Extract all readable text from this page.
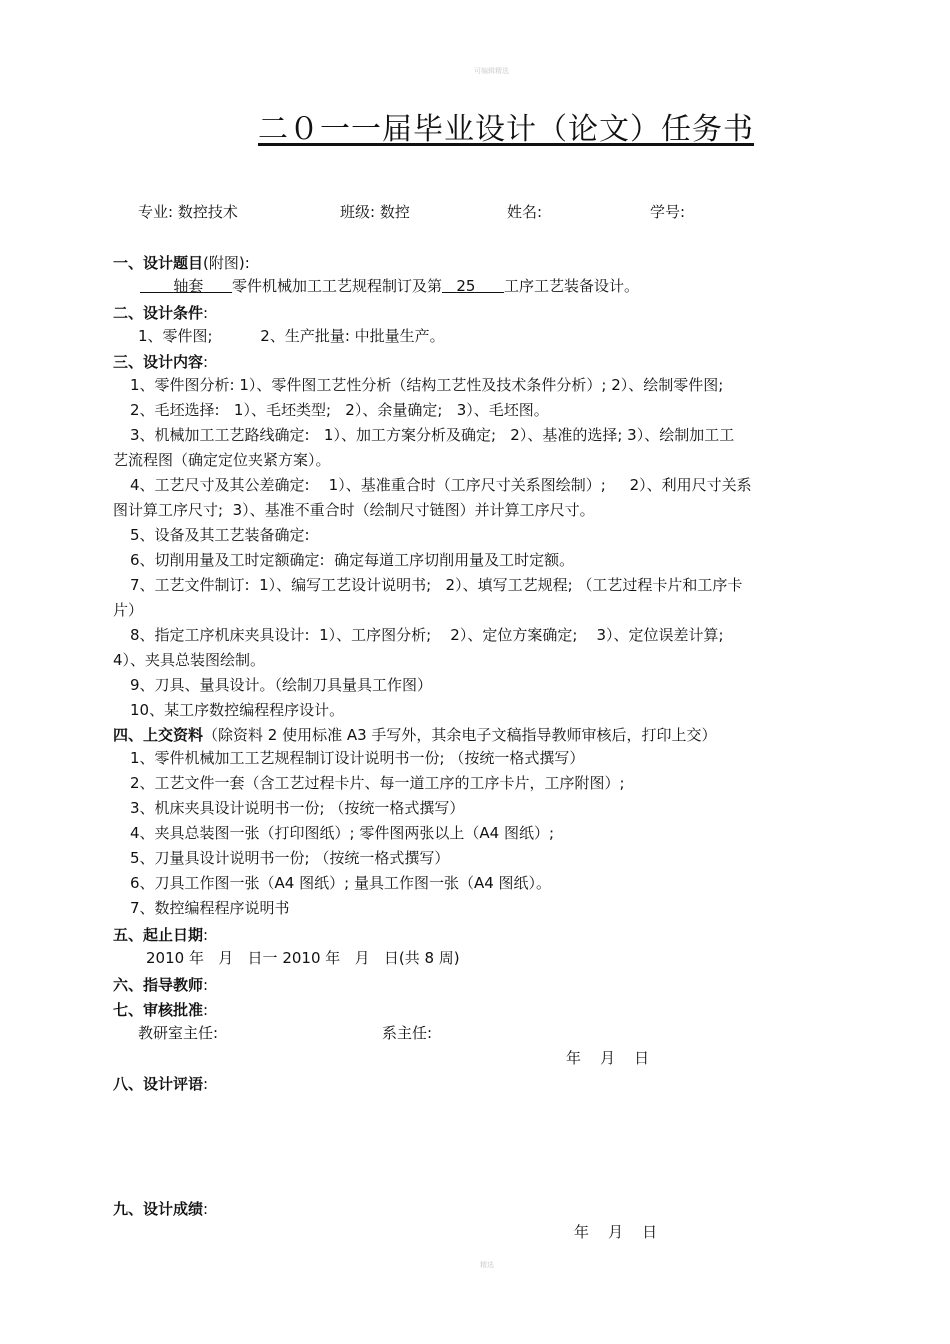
可编辑精选
二０一一届毕业设计（论文）任务书
专业: 数控技术	班级: 数控	姓名:	学号:
一、设计题目(附图):
轴套 零件机械加工工艺规程制订及第 25 工序工艺装备设计。
二、设计条件:
1、零件图;          2、生产批量: 中批量生产。
三、设计内容:
1、零件图分析: 1）、零件图工艺性分析（结构工艺性及技术条件分析）; 2）、绘制零件图;
2、毛坯选择:   1）、毛坯类型;   2）、余量确定;   3）、毛坯图。
3、机械加工工艺路线确定:   1）、加工方案分析及确定;   2）、基准的选择; 3）、绘制加工工
艺流程图（确定定位夹紧方案）。
4、工艺尺寸及其公差确定:    1）、基准重合时（工序尺寸关系图绘制）;     2）、利用尺寸关系
图计算工序尺寸;  3）、基准不重合时（绘制尺寸链图）并计算工序尺寸。
5、设备及其工艺装备确定:
6、切削用量及工时定额确定:  确定每道工序切削用量及工时定额。
7、工艺文件制订:  1）、编写工艺设计说明书;   2）、填写工艺规程; （工艺过程卡片和工序卡
片）
8、指定工序机床夹具设计:  1）、工序图分析;    2）、定位方案确定;    3）、定位误差计算;
4）、夹具总装图绘制。
9、刀具、量具设计。（绘制刀具量具工作图）
10、某工序数控编程程序设计。
四、上交资料（除资料 2 使用标准 A3 手写外，其余电子文稿指导教师审核后，打印上交）
1、零件机械加工工艺规程制订设计说明书一份; （按统一格式撰写）
2、工艺文件一套（含工艺过程卡片、每一道工序的工序卡片，工序附图）;
3、机床夹具设计说明书一份; （按统一格式撰写）
4、夹具总装图一张（打印图纸）; 零件图两张以上（A4 图纸）;
5、刀量具设计说明书一份; （按统一格式撰写）
6、刀具工作图一张（A4 图纸）; 量具工作图一张（A4 图纸）。
7、数控编程程序说明书
五、起止日期:
2010 年   月   日一 2010 年   月   日(共 8 周)
六、指导教师:
七、审核批准:
教研室主任:	系主任:
年    月    日
八、设计评语:
九、设计成绩:
年    月    日
精选
